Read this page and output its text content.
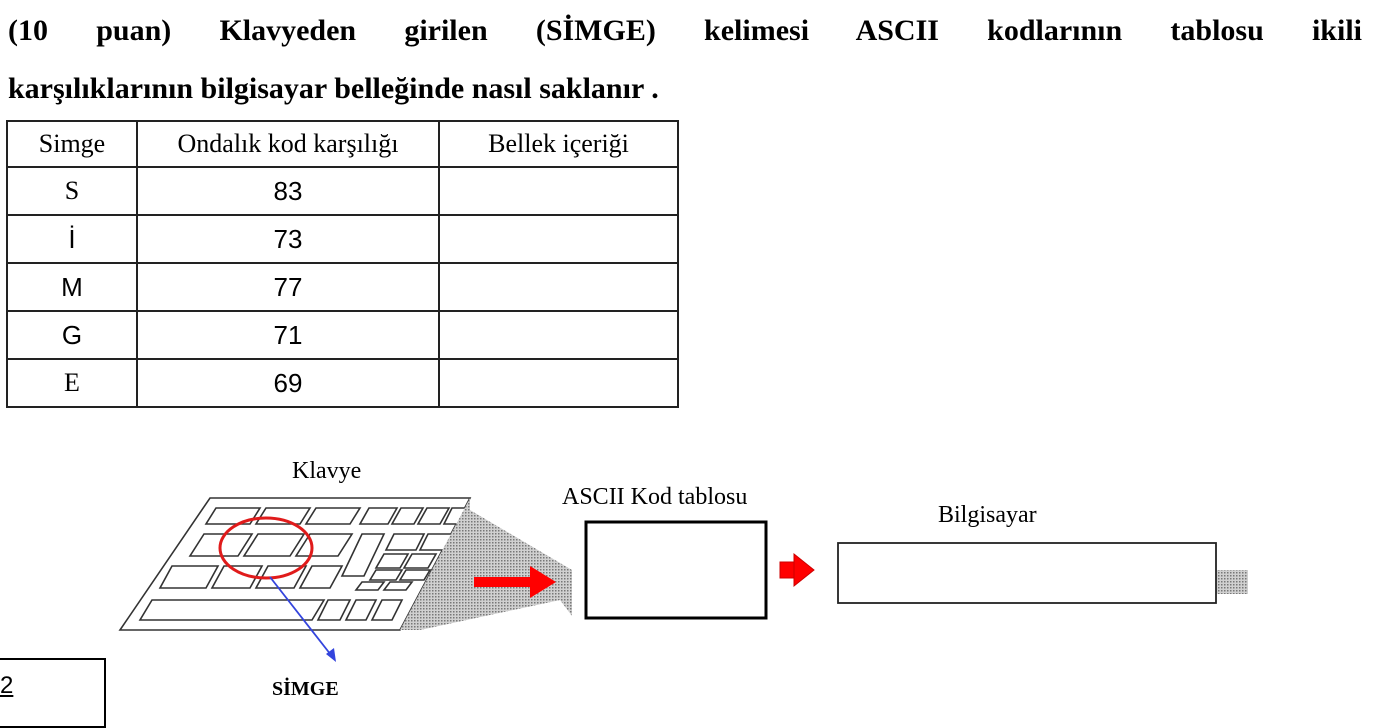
(10 puan) Klavyeden girilen (SİMGE) kelimesi ASCII kodlarının tablosu ikili
karşılıklarının bilgisayar belleğinde nasıl saklanır .
Simge	Ondalık kod karşılığı	Bellek içeriği
S	83	
İ	73	
M	77	
G	71	
E	69	
Klavye
ASCII Kod tablosu
Bilgisayar
SİMGE
2
